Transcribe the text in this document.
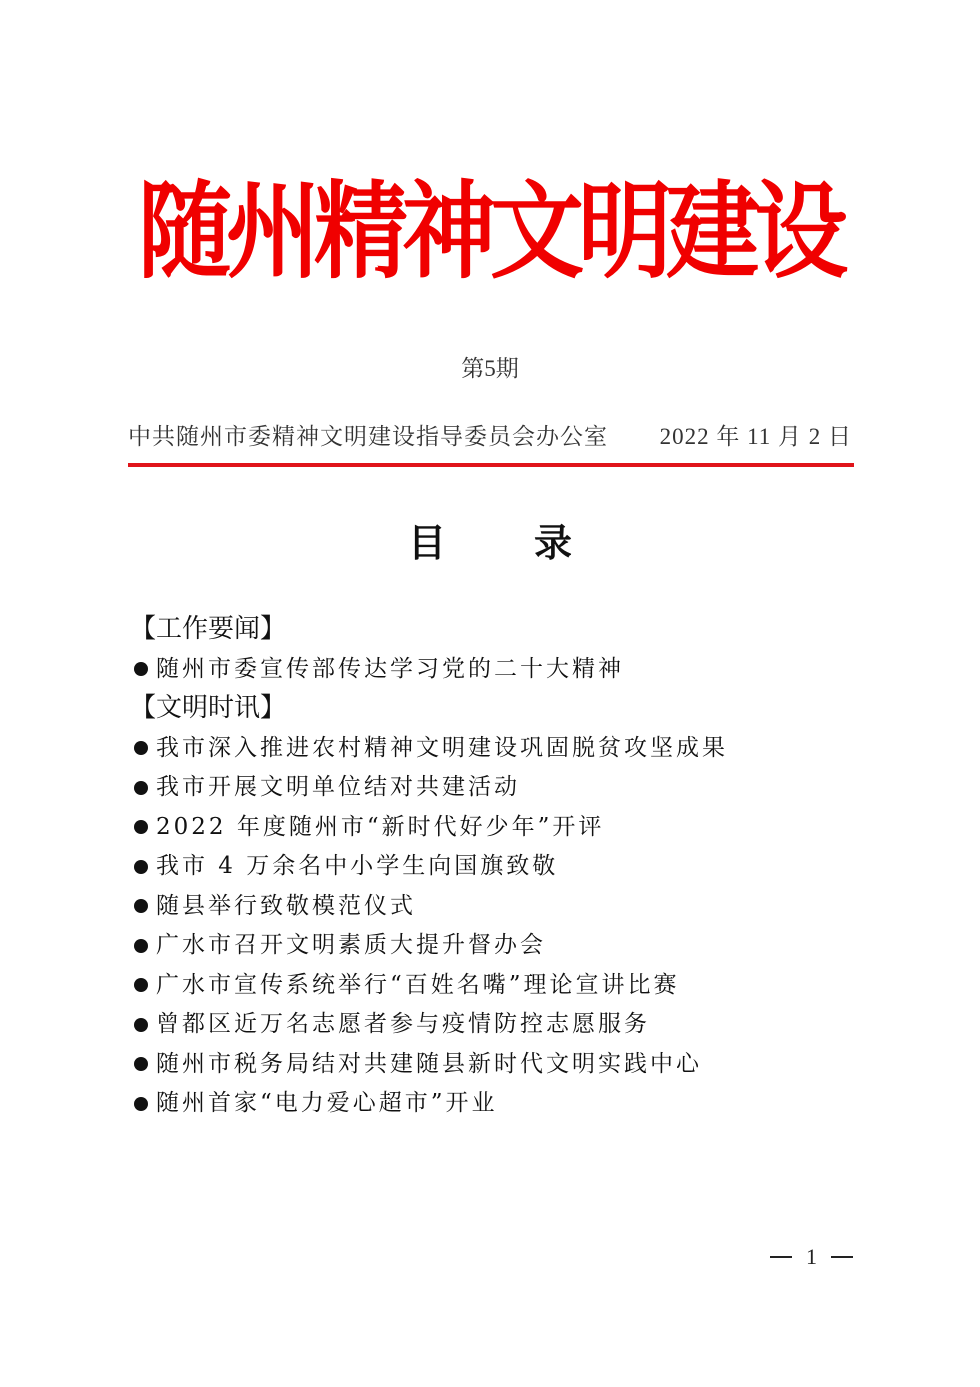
随州精神文明建设
第5期
中共随州市委精神文明建设指导委员会办公室 2022 年 11 月 2 日
目 录
【工作要闻】
随州市委宣传部传达学习党的二十大精神
【文明时讯】
我市深入推进农村精神文明建设巩固脱贫攻坚成果
我市开展文明单位结对共建活动
2022 年度随州市“新时代好少年”开评
我市 4 万余名中小学生向国旗致敬
随县举行致敬模范仪式
广水市召开文明素质大提升督办会
广水市宣传系统举行“百姓名嘴”理论宣讲比赛
曾都区近万名志愿者参与疫情防控志愿服务
随州市税务局结对共建随县新时代文明实践中心
随州首家“电力爱心超市”开业
1
